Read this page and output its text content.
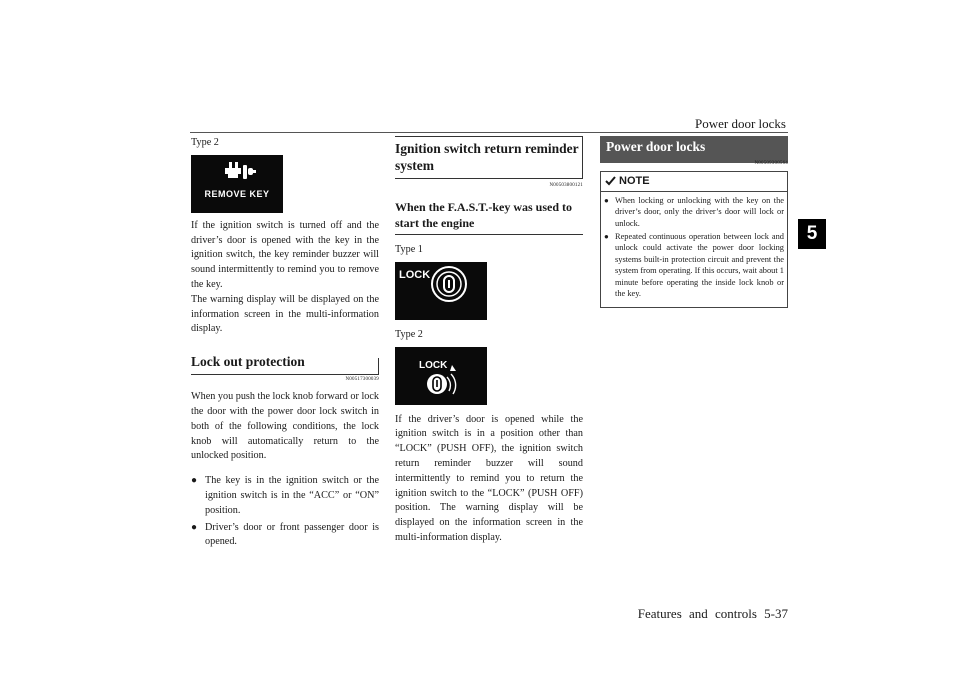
Power door locks
5
Type 2
REMOVE KEY

If the ignition switch is turned off and the driver’s door is opened with the key in the ignition switch, the key reminder buzzer will sound intermittently to remind you to remove the key.

The warning display will be displayed on the information screen in the multi-information display.

Lock out protection
N00517300039

When you push the lock knob forward or lock the door with the power door lock switch in both of the following conditions, the lock knob will automatically return to the unlocked position.

● The key is in the ignition switch or the ignition switch is in the “ACC” or “ON” position.
● Driver’s door or front passenger door is opened.
Ignition switch return reminder system
N00503800121
When the F.A.S.T.-key was used to start the engine
Type 1
LOCK
Type 2
LOCK

If the driver’s door is opened while the ignition switch is in a position other than “LOCK” (PUSH OFF), the ignition switch return reminder buzzer will sound intermittently to remind you to return the ignition switch to the “LOCK” (PUSH OFF) position. The warning display will be displayed on the information screen in the multi-information display.

Power door locks
N00509300564
NOTE
● When locking or unlocking with the key on the driver’s door, only the driver’s door will lock or unlock.
● Repeated continuous operation between lock and unlock could activate the power door locking systems built-in protection circuit and prevent the system from operating. If this occurs, wait about 1 minute before operating the inside lock knob or the key.
Features and controls 5-37
